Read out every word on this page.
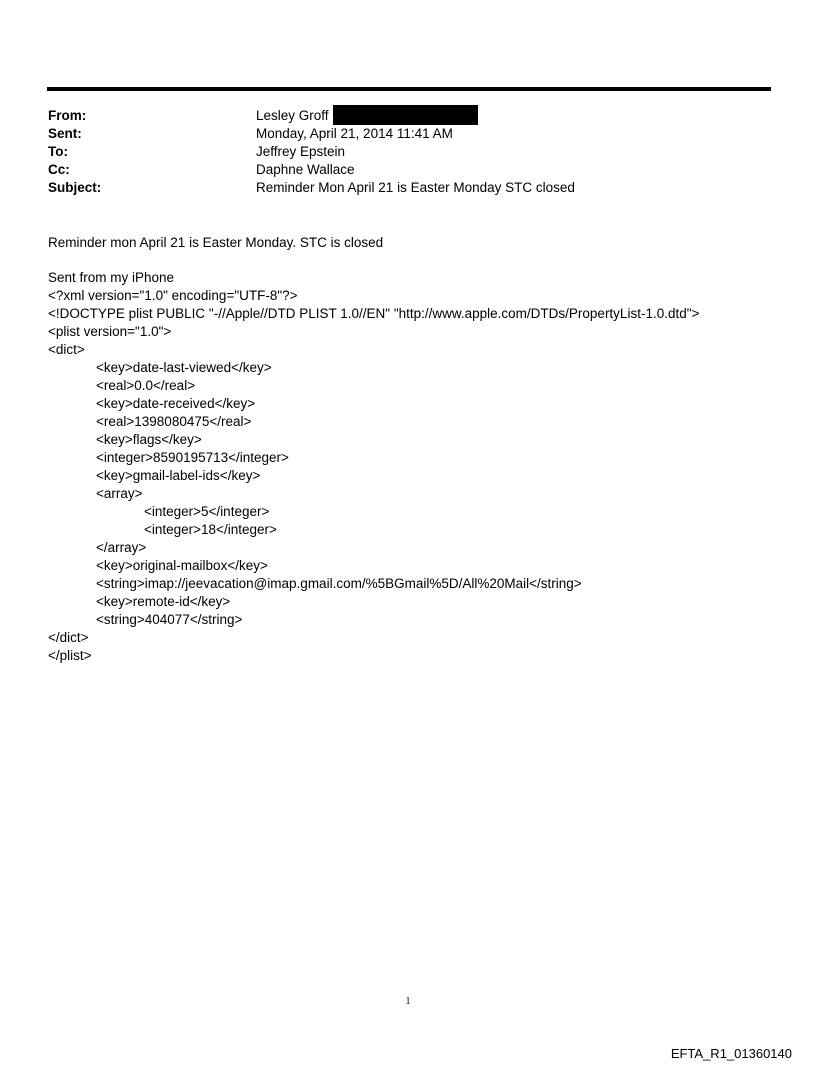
From:	Lesley Groff
Sent:	Monday, April 21, 2014 11:41 AM
To:	Jeffrey Epstein
Cc:	Daphne Wallace
Subject:	Reminder Mon April 21 is Easter Monday STC closed
Reminder mon April 21 is Easter Monday. STC is closed
Sent from my iPhone
<?xml version="1.0" encoding="UTF-8"?>
<!DOCTYPE plist PUBLIC "-//Apple//DTD PLIST 1.0//EN" "http://www.apple.com/DTDs/PropertyList-1.0.dtd">
<plist version="1.0">
<dict>
<key>date-last-viewed</key>
<real>0.0</real>
<key>date-received</key>
<real>1398080475</real>
<key>flags</key>
<integer>8590195713</integer>
<key>gmail-label-ids</key>
<array>
<integer>5</integer>
<integer>18</integer>
</array>
<key>original-mailbox</key>
<string>imap://jeevacation@imap.gmail.com/%5BGmail%5D/All%20Mail</string>
<key>remote-id</key>
<string>404077</string>
</dict>
</plist>
1
EFTA_R1_01360140
